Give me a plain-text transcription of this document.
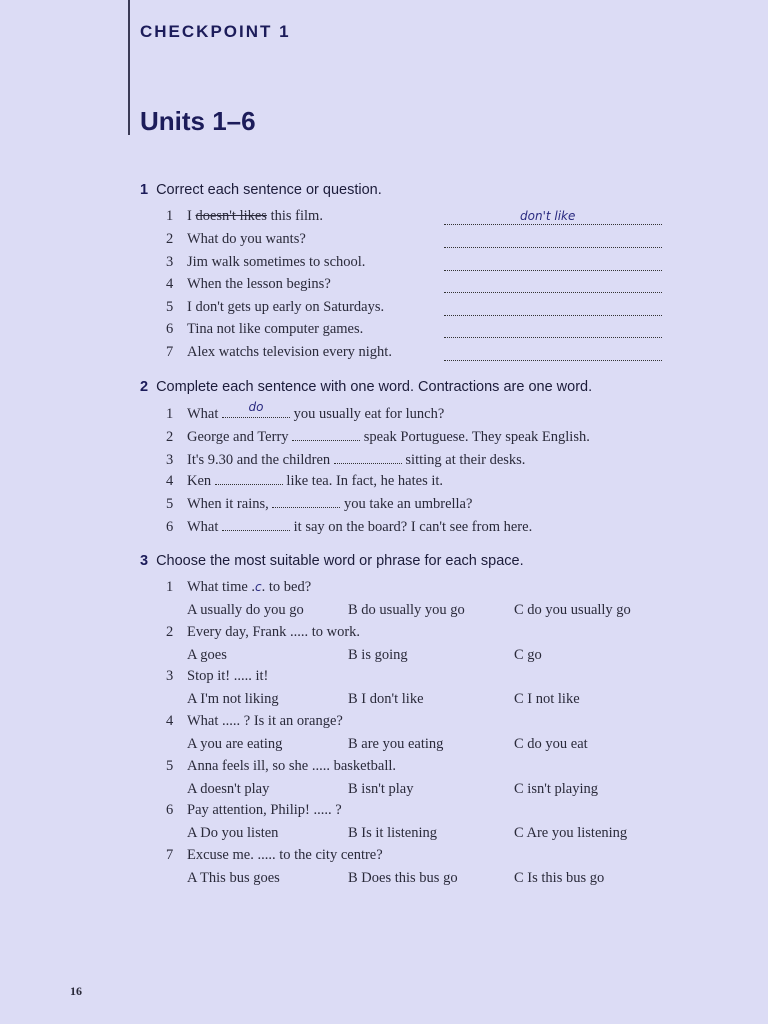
CHECKPOINT 1
Units 1–6
1 Correct each sentence or question.
1 I doesn't likes this film.	don't like
2 What do you wants?
3 Jim walk sometimes to school.
4 When the lesson begins?
5 I don't gets up early on Saturdays.
6 Tina not like computer games.
7 Alex watchs television every night.
2 Complete each sentence with one word. Contractions are one word.
1 What	do	you usually eat for lunch?
2 George and Terry	speak Portuguese. They speak English.
3 It's 9.30 and the children	sitting at their desks.
4 Ken	like tea. In fact, he hates it.
5 When it rains,	you take an umbrella?
6 What	it say on the board? I can't see from here.
3 Choose the most suitable word or phrase for each space.
1 What time .c. to bed?
A usually do you go	B do usually you go	C do you usually go
2 Every day, Frank ..... to work.
A goes	B is going	C go
3 Stop it! ..... it!
A I'm not liking	B I don't like	C I not like
4 What ..... ? Is it an orange?
A you are eating	B are you eating	C do you eat
5 Anna feels ill, so she ..... basketball.
A doesn't play	B isn't play	C isn't playing
6 Pay attention, Philip! ..... ?
A Do you listen	B Is it listening	C Are you listening
7 Excuse me. ..... to the city centre?
A This bus goes	B Does this bus go	C Is this bus go
16
